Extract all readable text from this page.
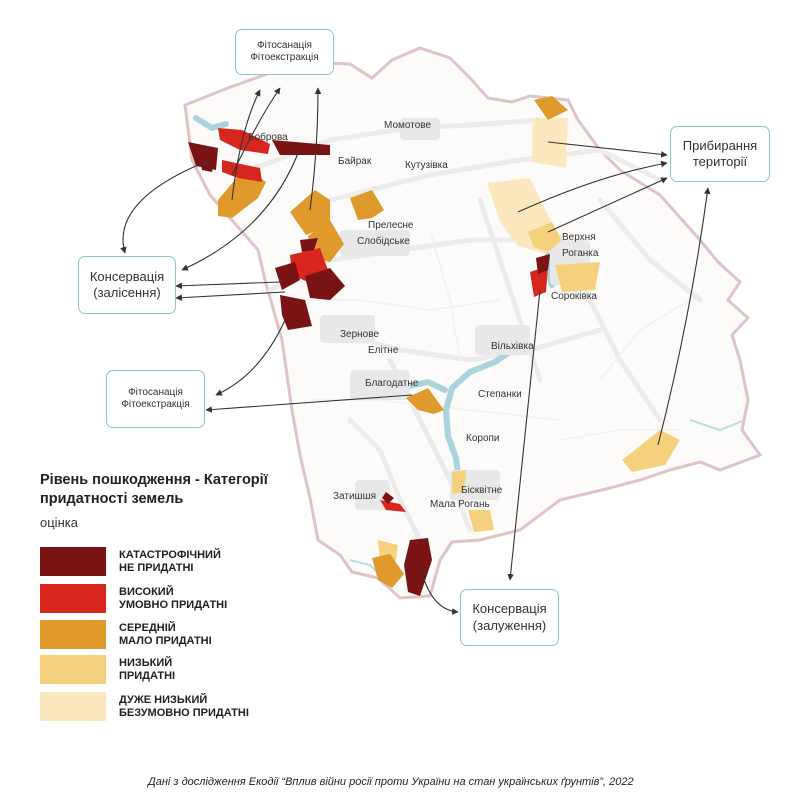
Боброва
Момотове
Байрак	Кутузівка
Прелесне
Слобідське	Верхня
Роганка
Сороківка
Зернове
Елітне	Вільхівка
Благодатне
Степанки
Коропи
Бісквітне
Затишшя
Мала Рогань
Фітосанація
Фітоекстракція
Консервація
(залісення)
Фітосанація
Фітоекстракція
Прибирання
території
Консервація
(залуження)
Рівень пошкодження - Категорії придатності земель
оцінка
КАТАСТРОФІЧНИЙ
НЕ ПРИДАТНІ
ВИСОКИЙ
УМОВНО ПРИДАТНІ
СЕРЕДНІЙ
МАЛО ПРИДАТНІ
НИЗЬКИЙ
ПРИДАТНІ
ДУЖЕ НИЗЬКИЙ
БЕЗУМОВНО ПРИДАТНІ
Дані з дослідження Екодії “Вплив війни росії проти України на стан українських ґрунтів”, 2022
